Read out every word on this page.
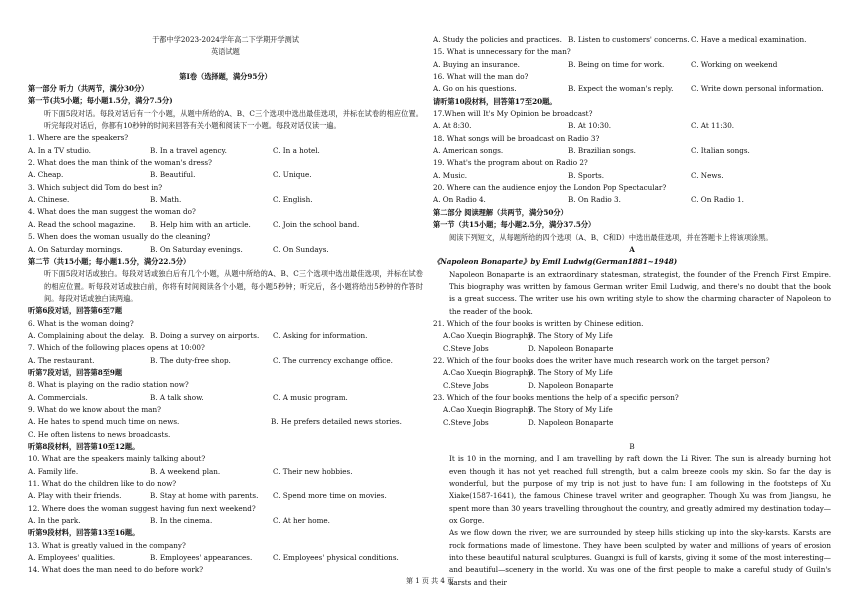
于都中学2023-2024学年高二下学期开学测试
英语试题
第Ⅰ卷（选择题，满分95分）
第一部分 听力（共两节，满分30分）
第一节(共5小题；每小题1.5分，满分7.5分)
听下面5段对话。每段对话后有一个小题，从题中所给的A、B、C三个选项中选出最佳选项，并标在试卷的相应位置。听完每段对话后，你都有10秒钟的时间来回答有关小题和阅读下一小题。每段对话仅读一遍。
1. Where are the speakers?
A. In a TV studio.	B. In a travel agency.	C. In a hotel.
2. What does the man think of the woman's dress?
A. Cheap.	B. Beautiful.	C. Unique.
3. Which subject did Tom do best in?
A. Chinese.	B. Math.	C. English.
4. What does the man suggest the woman do?
A. Read the school magazine.	B. Help him with an article.	C. Join the school band.
5. When does the woman usually do the cleaning?
A. On Saturday mornings.	B. On Saturday evenings.	C. On Sundays.
第二节（共15小题；每小题1.5分，满分22.5分）
听下面5段对话或独白。每段对话或独白后有几个小题，从题中所给的A、B、C三个选项中选出最佳选项，并标在试卷的相应位置。听每段对话或独白前，你将有时间阅读各个小题，每小题5秒钟；听完后，各小题将给出5秒钟的作答时间。每段对话或独白读两遍。
听第6段对话，回答第6至7题
6. What is the woman doing?
A. Complaining about the delay. B. Doing a survey on airports.	C. Asking for information.
7. Which of the following places opens at 10:00?
A. The restaurant.	B. The duty-free shop.	C. The currency exchange office.
听第7段对话，回答第8至9题
8. What is playing on the radio station now?
A. Commercials.	B. A talk show.	C. A music program.
9. What do we know about the man?
A. He hates to spend much time on news.	B. He prefers detailed news stories.
C. He often listens to news broadcasts.
听第8段材料，回答第10至12题。
10. What are the speakers mainly talking about?
A. Family life.	B. A weekend plan.	C. Their new hobbies.
11. What do the children like to do now?
A. Play with their friends.	B. Stay at home with parents.	C. Spend more time on movies.
12. Where does the woman suggest having fun next weekend?
A. In the park.	B. In the cinema.	C. At her home.
听第9段材料，回答第13至16题。
13. What is greatly valued in the company?
A. Employees' qualities.	B. Employees' appearances.	C. Employees' physical conditions.
14. What does the man need to do before work?
A. Study the policies and practices. B. Listen to customers' concerns. C. Have a medical examination.
15. What is unnecessary for the man?
A. Buying an insurance.	B. Being on time for work.	C. Working on weekend
16. What will the man do?
A. Go on his questions.	B. Expect the woman's reply.	C. Write down personal information.
请听第10段材料，回答第17至20题。
17.When will It's My Opinion be broadcast?
A. At 8:30.	B. At 10:30.	C. At 11:30.
18. What songs will be broadcast on Radio 3?
A. American songs.	B. Brazilian songs.	C. Italian songs.
19. What's the program about on Radio 2?
A. Music.	B. Sports.	C. News.
20. Where can the audience enjoy the London Pop Spectacular?
A. On Radio 4.	B. On Radio 3.	C. On Radio 1.
第二部分 阅读理解（共两节，满分50分）
第一节（共15小题；每小题2.5分，满分37.5分）
阅读下列短文，从每题所给的四个选项（A、B、C和D）中选出最佳选项，并在答题卡上将该项涂黑。
A
《Napoleon Bonaparte》by Emil Ludwig(German1881~1948)
Napoleon Bonaparte is an extraordinary statesman, strategist, the founder of the French First Empire. This biography was written by famous German writer Emil Ludwig, and there's no doubt that the book is a great success. The writer use his own writing style to show the charming character of Napoleon to the reader of the book.
21. Which of the four books is written by Chinese edition.
A.Cao Xueqin Biography
B. The Story of My Life
C.Steve Jobs	D. Napoleon Bonaparte
22. Which of the four books does the writer have much research work on the target person?
A.Cao Xueqin Biography
B. The Story of My Life
C.Steve Jobs	D. Napoleon Bonaparte
23. Which of the four books mentions the help of a specific person?
A.Cao Xueqin Biography
B. The Story of My Life
C.Steve Jobs	D. Napoleon Bonaparte
B
It is 10 in the morning, and I am travelling by raft down the Li River. The sun is already burning hot even though it has not yet reached full strength, but a calm breeze cools my skin. So far the day is wonderful, but the purpose of my trip is not just to have fun: I am following in the footsteps of Xu Xiake(1587-1641), the famous Chinese travel writer and geographer. Though Xu was from Jiangsu, he spent more than 30 years travelling throughout the country, and greatly admired my destination today—ox Gorge.
As we flow down the river, we are surrounded by steep hills sticking up into the sky-karsts. Karsts are rock formations made of limestone. They have been sculpted by water and millions of years of erosion into these beautiful natural sculptures. Guangxi is full of karsts, giving it some of the most interesting—and beautiful—scenery in the world. Xu was one of the first people to make a careful study of Guiln's karsts and their
第 1 页 共 4 页
